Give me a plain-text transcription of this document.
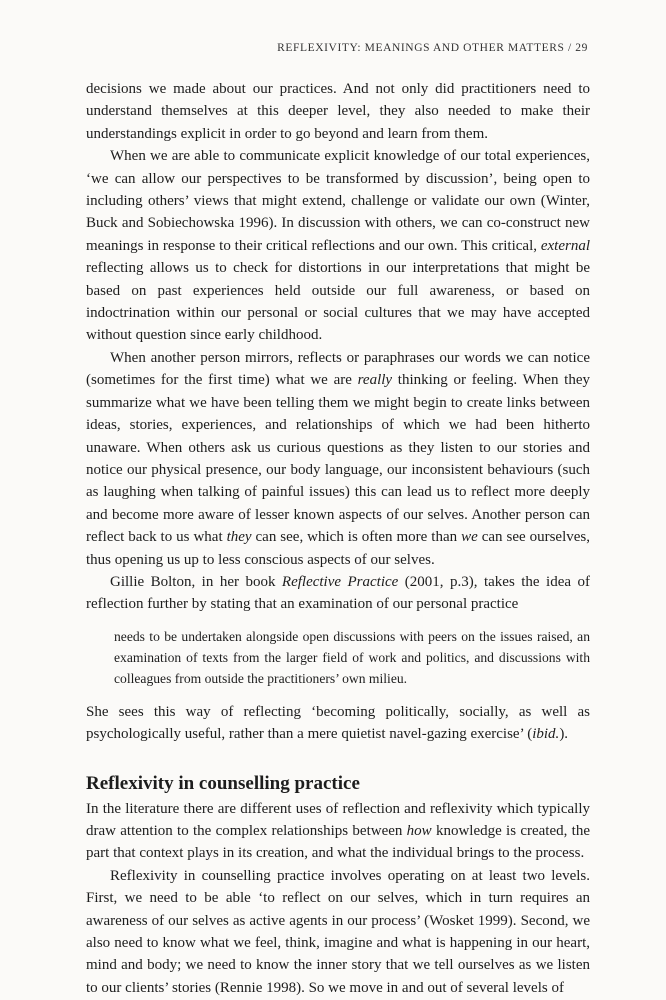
REFLEXIVITY: MEANINGS AND OTHER MATTERS / 29

decisions we made about our practices. And not only did practitioners need to understand themselves at this deeper level, they also needed to make their understandings explicit in order to go beyond and learn from them.

When we are able to communicate explicit knowledge of our total experiences, ‘we can allow our perspectives to be transformed by discussion’, being open to including others’ views that might extend, challenge or validate our own (Winter, Buck and Sobiechowska 1996). In discussion with others, we can co-construct new meanings in response to their critical reflections and our own. This critical, external reflecting allows us to check for distortions in our interpretations that might be based on past experiences held outside our full awareness, or based on indoctrination within our personal or social cultures that we may have accepted without question since early childhood.

When another person mirrors, reflects or paraphrases our words we can notice (sometimes for the first time) what we are really thinking or feeling. When they summarize what we have been telling them we might begin to create links between ideas, stories, experiences, and relationships of which we had been hitherto unaware. When others ask us curious questions as they listen to our stories and notice our physical presence, our body language, our inconsistent behaviours (such as laughing when talking of painful issues) this can lead us to reflect more deeply and become more aware of lesser known aspects of our selves. Another person can reflect back to us what they can see, which is often more than we can see ourselves, thus opening us up to less conscious aspects of our selves.

Gillie Bolton, in her book Reflective Practice (2001, p.3), takes the idea of reflection further by stating that an examination of our personal practice

needs to be undertaken alongside open discussions with peers on the issues raised, an examination of texts from the larger field of work and politics, and discussions with colleagues from outside the practitioners’ own milieu.

She sees this way of reflecting ‘becoming politically, socially, as well as psychologically useful, rather than a mere quietist navel-gazing exercise’ (ibid.).

Reflexivity in counselling practice

In the literature there are different uses of reflection and reflexivity which typically draw attention to the complex relationships between how knowledge is created, the part that context plays in its creation, and what the individual brings to the process.

Reflexivity in counselling practice involves operating on at least two levels. First, we need to be able ‘to reflect on our selves, which in turn requires an awareness of our selves as active agents in our process’ (Wosket 1999). Second, we also need to know what we feel, think, imagine and what is happening in our heart, mind and body; we need to know the inner story that we tell ourselves as we listen to our clients’ stories (Rennie 1998). So we move in and out of several levels of
